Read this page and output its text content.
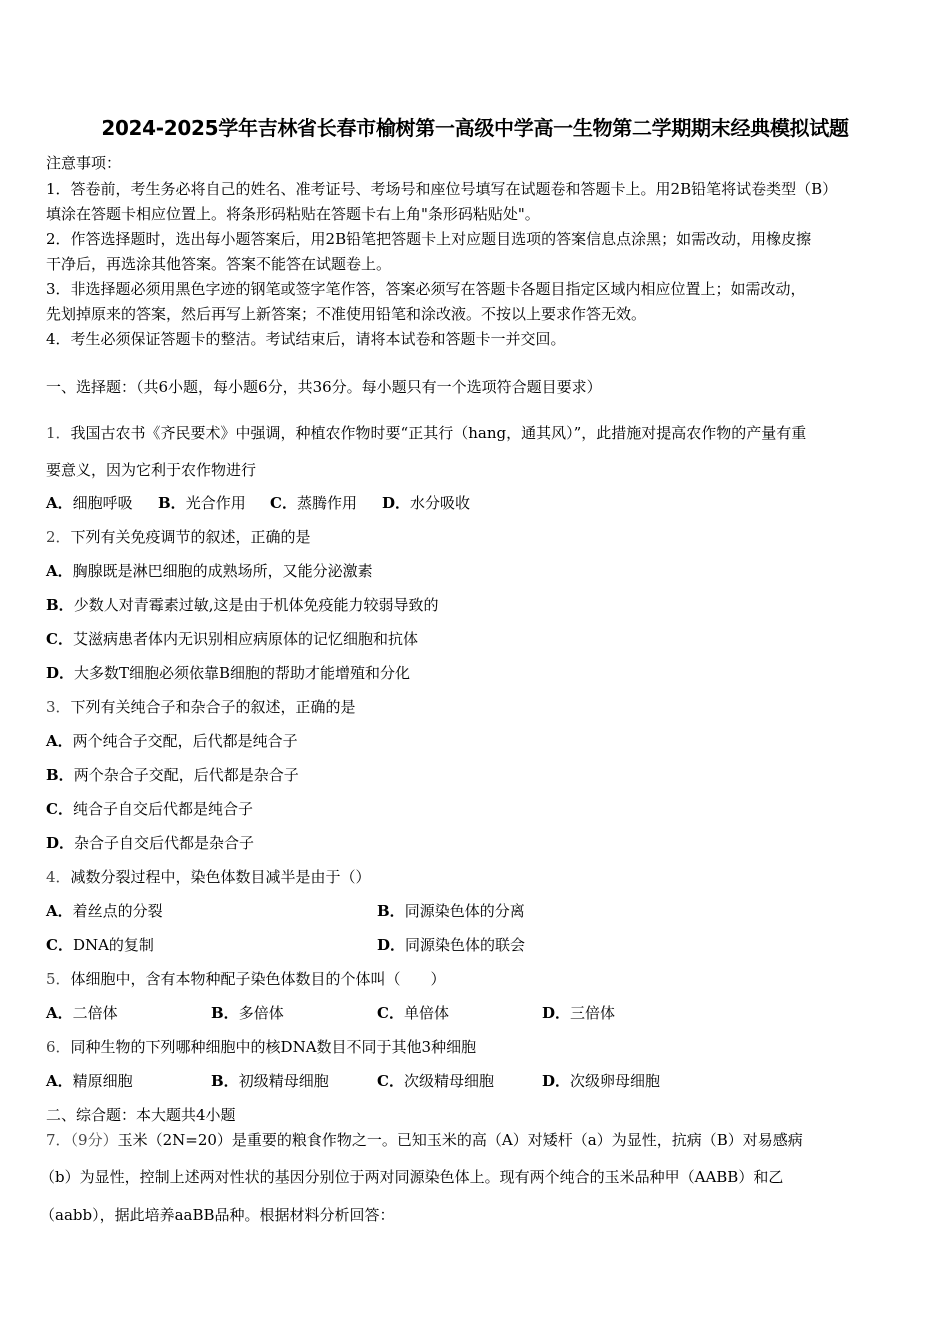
2024-2025学年吉林省长春市榆树第一高级中学高一生物第二学期期末经典模拟试题
注意事项：
1．答卷前，考生务必将自己的姓名、准考证号、考场号和座位号填写在试题卷和答题卡上。用2B铅笔将试卷类型（B）
填涂在答题卡相应位置上。将条形码粘贴在答题卡右上角"条形码粘贴处"。
2．作答选择题时，选出每小题答案后，用2B铅笔把答题卡上对应题目选项的答案信息点涂黑；如需改动，用橡皮擦
干净后，再选涂其他答案。答案不能答在试题卷上。
3．非选择题必须用黑色字迹的钢笔或签字笔作答，答案必须写在答题卡各题目指定区域内相应位置上；如需改动，
先划掉原来的答案，然后再写上新答案；不准使用铅笔和涂改液。不按以上要求作答无效。
4．考生必须保证答题卡的整洁。考试结束后，请将本试卷和答题卡一并交回。
一、选择题：（共6小题，每小题6分，共36分。每小题只有一个选项符合题目要求）
1．我国古农书《齐民要术》中强调，种植农作物时要“正其行（hang，通其风）”，此措施对提高农作物的产量有重
要意义，因为它利于农作物进行
A．细胞呼吸 B．光合作用 C．蒸腾作用 D．水分吸收
2．下列有关免疫调节的叙述，正确的是
A．胸腺既是淋巴细胞的成熟场所，又能分泌激素
B．少数人对青霉素过敏,这是由于机体免疫能力较弱导致的
C．艾滋病患者体内无识别相应病原体的记忆细胞和抗体
D．大多数T细胞必须依靠B细胞的帮助才能增殖和分化
3．下列有关纯合子和杂合子的叙述，正确的是
A．两个纯合子交配，后代都是纯合子
B．两个杂合子交配，后代都是杂合子
C．纯合子自交后代都是纯合子
D．杂合子自交后代都是杂合子
4．减数分裂过程中，染色体数目减半是由于（）
A．着丝点的分裂	B．同源染色体的分离
C．DNA的复制	D．同源染色体的联会
5．体细胞中，含有本物种配子染色体数目的个体叫（　　）
A．二倍体	B．多倍体	C．单倍体	D．三倍体
6．同种生物的下列哪种细胞中的核DNA数目不同于其他3种细胞
A．精原细胞	B．初级精母细胞	C．次级精母细胞	D．次级卵母细胞
二、综合题：本大题共4小题
7．（9分）玉米（2N=20）是重要的粮食作物之一。已知玉米的高（A）对矮杆（a）为显性，抗病（B）对易感病
（b）为显性，控制上述两对性状的基因分别位于两对同源染色体上。现有两个纯合的玉米品种甲（AABB）和乙
（aabb），据此培养aaBB品种。根据材料分析回答：
